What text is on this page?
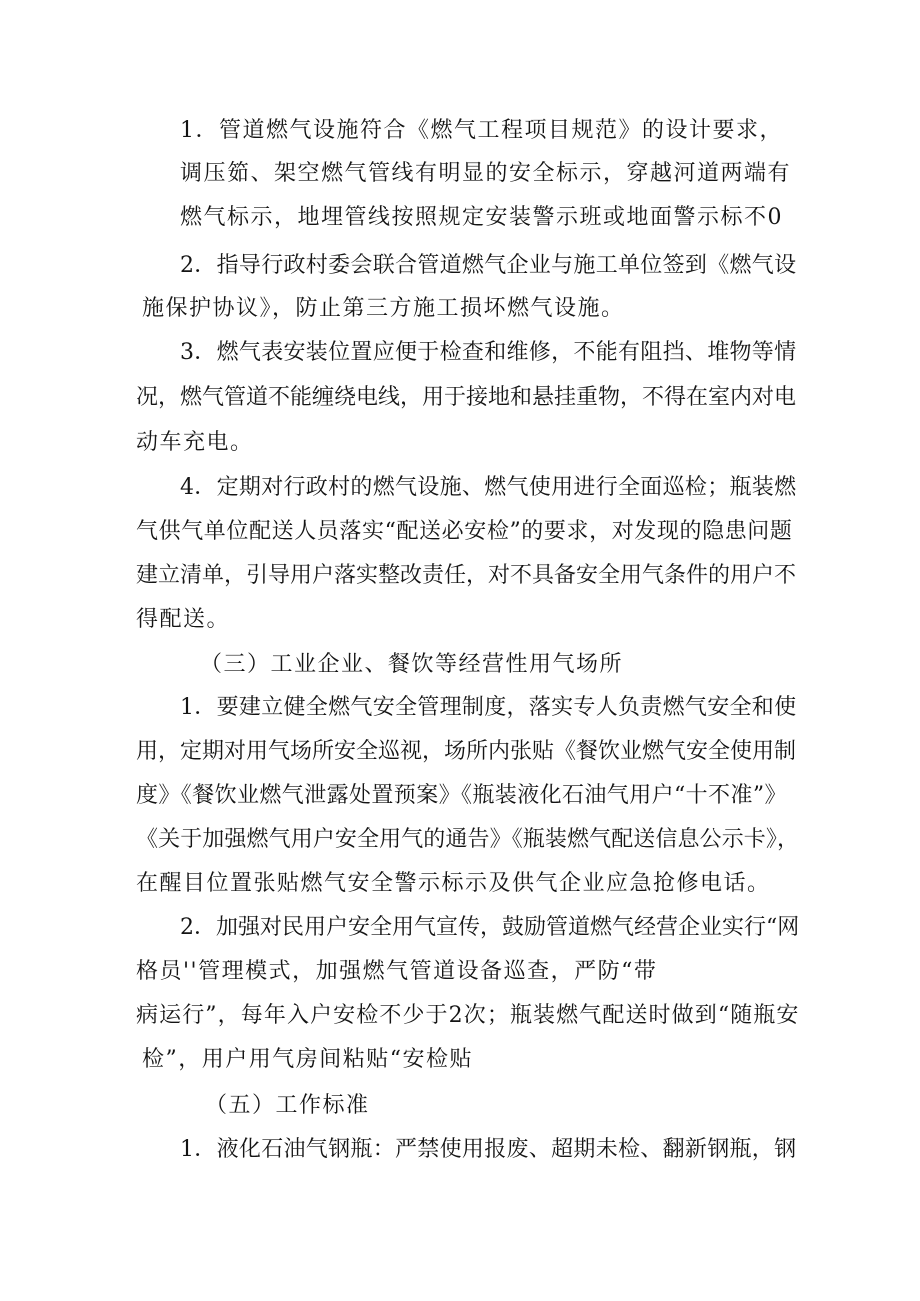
1．管道燃气设施符合《燃气工程项目规范》的设计要求，
调压筎、架空燃气管线有明显的安全标示，穿越河道两端有
燃气标示，地埋管线按照规定安装警示班或地面警示标不0
2．指导行政村委会联合管道燃气企业与施工单位签到《燃气设
施保护协议》，防止第三方施工损坏燃气设施。
3．燃气表安装位置应便于检查和维修，不能有阻挡、堆物等情
况，燃气管道不能缠绕电线，用于接地和悬挂重物，不得在室内对电
动车充电。
4．定期对行政村的燃气设施、燃气使用进行全面巡检；瓶装燃
气供气单位配送人员落实“配送必安检”的要求，对发现的隐患问题
建立清单，引导用户落实整改责任，对不具备安全用气条件的用户不
得配送。
（三）工业企业、餐饮等经营性用气场所
1．要建立健全燃气安全管理制度，落实专人负责燃气安全和使
用，定期对用气场所安全巡视，场所内张贴《餐饮业燃气安全使用制
度》《餐饮业燃气泄露处置预案》《瓶装液化石油气用户“十不准”》
《关于加强燃气用户安全用气的通告》《瓶装燃气配送信息公示卡》，
在醒目位置张贴燃气安全警示标示及供气企业应急抢修电话。
2．加强对民用户安全用气宣传，鼓励管道燃气经营企业实行“网
格员''管理模式，加强燃气管道设备巡查，严防“带
病运行”，每年入户安检不少于2次；瓶装燃气配送时做到“随瓶安
检”，用户用气房间粘贴“安检贴
（五）工作标准
1．液化石油气钢瓶：严禁使用报废、超期未检、翻新钢瓶，钢
